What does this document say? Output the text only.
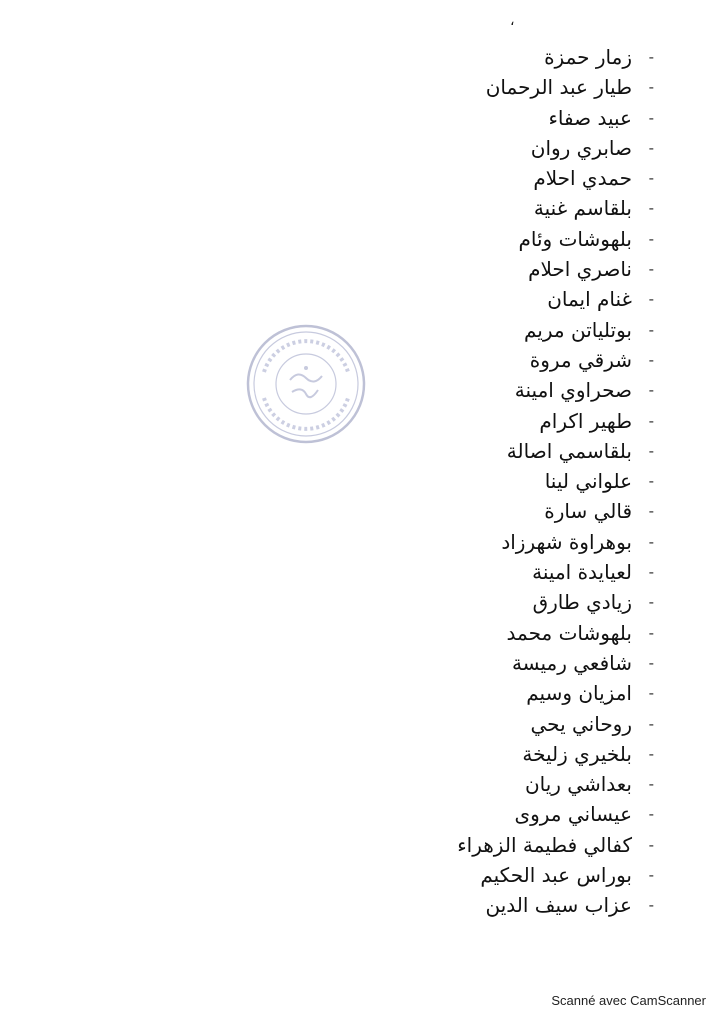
،
-
زمار حمزة
-
طيار عبد الرحمان
-
عبيد صفاء
-
صابري روان
-
حمدي احلام
-
بلقاسم غنية
-
بلهوشات وئام
-
ناصري احلام
-
غنام ايمان
-
بوتلياتن مريم
-
شرقي مروة
-
صحراوي امينة
-
طهير اكرام
-
بلقاسمي اصالة
-
علواني لينا
-
قالي سارة
-
بوهراوة شهرزاد
-
لعيايدة امينة
-
زيادي طارق
-
بلهوشات محمد
-
شافعي رميسة
-
امزيان وسيم
-
روحاني يحي
-
بلخيري زليخة
-
بعداشي ريان
-
عيساني مروى
-
كفالي فطيمة الزهراء
-
بوراس عبد الحكيم
-
عزاب سيف الدين
Scanné avec CamScanner
